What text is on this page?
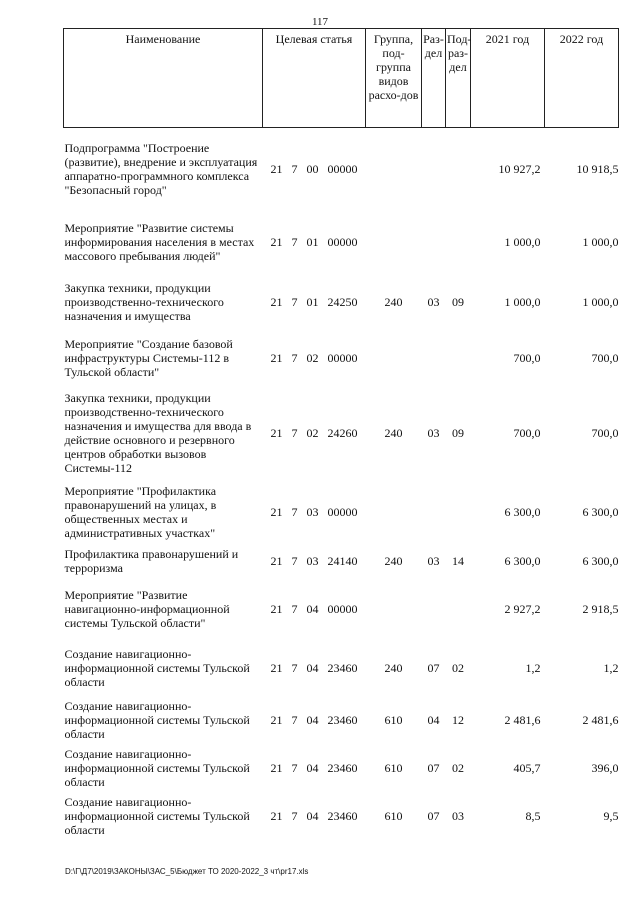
117
Наименование	Целевая статья	Группа, под-группа видов расхо-дов	Раз-дел	Под-раз-дел	2021 год	2022 год
Подпрограмма "Построение (развитие), внедрение и эксплуатация аппаратно-программного комплекса "Безопасный город"	21 7 00 00000				10 927,2	10 918,5
Мероприятие "Развитие системы информирования населения в местах массового пребывания людей"	21 7 01 00000				1 000,0	1 000,0
Закупка техники, продукции производственно-технического назначения и имущества	21 7 01 24250	240	03	09	1 000,0	1 000,0
Мероприятие "Создание базовой инфраструктуры Системы-112 в Тульской области"	21 7 02 00000				700,0	700,0
Закупка техники, продукции производственно-технического назначения и имущества для ввода в действие основного и резервного центров обработки вызовов Системы-112	21 7 02 24260	240	03	09	700,0	700,0
Мероприятие "Профилактика правонарушений на улицах, в общественных местах и административных участках"	21 7 03 00000				6 300,0	6 300,0
Профилактика правонарушений и терроризма	21 7 03 24140	240	03	14	6 300,0	6 300,0
Мероприятие "Развитие навигационно-информационной системы Тульской области"	21 7 04 00000				2 927,2	2 918,5
Создание навигационно-информационной системы Тульской области	21 7 04 23460	240	07	02	1,2	1,2
Создание навигационно-информационной системы Тульской области	21 7 04 23460	610	04	12	2 481,6	2 481,6
Создание навигационно-информационной системы Тульской области	21 7 04 23460	610	07	02	405,7	396,0
Создание навигационно-информационной системы Тульской области	21 7 04 23460	610	07	03	8,5	9,5
D:\Г\Д7\2019\ЗАКОНЫ\ЗАС_5\Бюджет ТО 2020-2022_3 чт\pr17.xls
